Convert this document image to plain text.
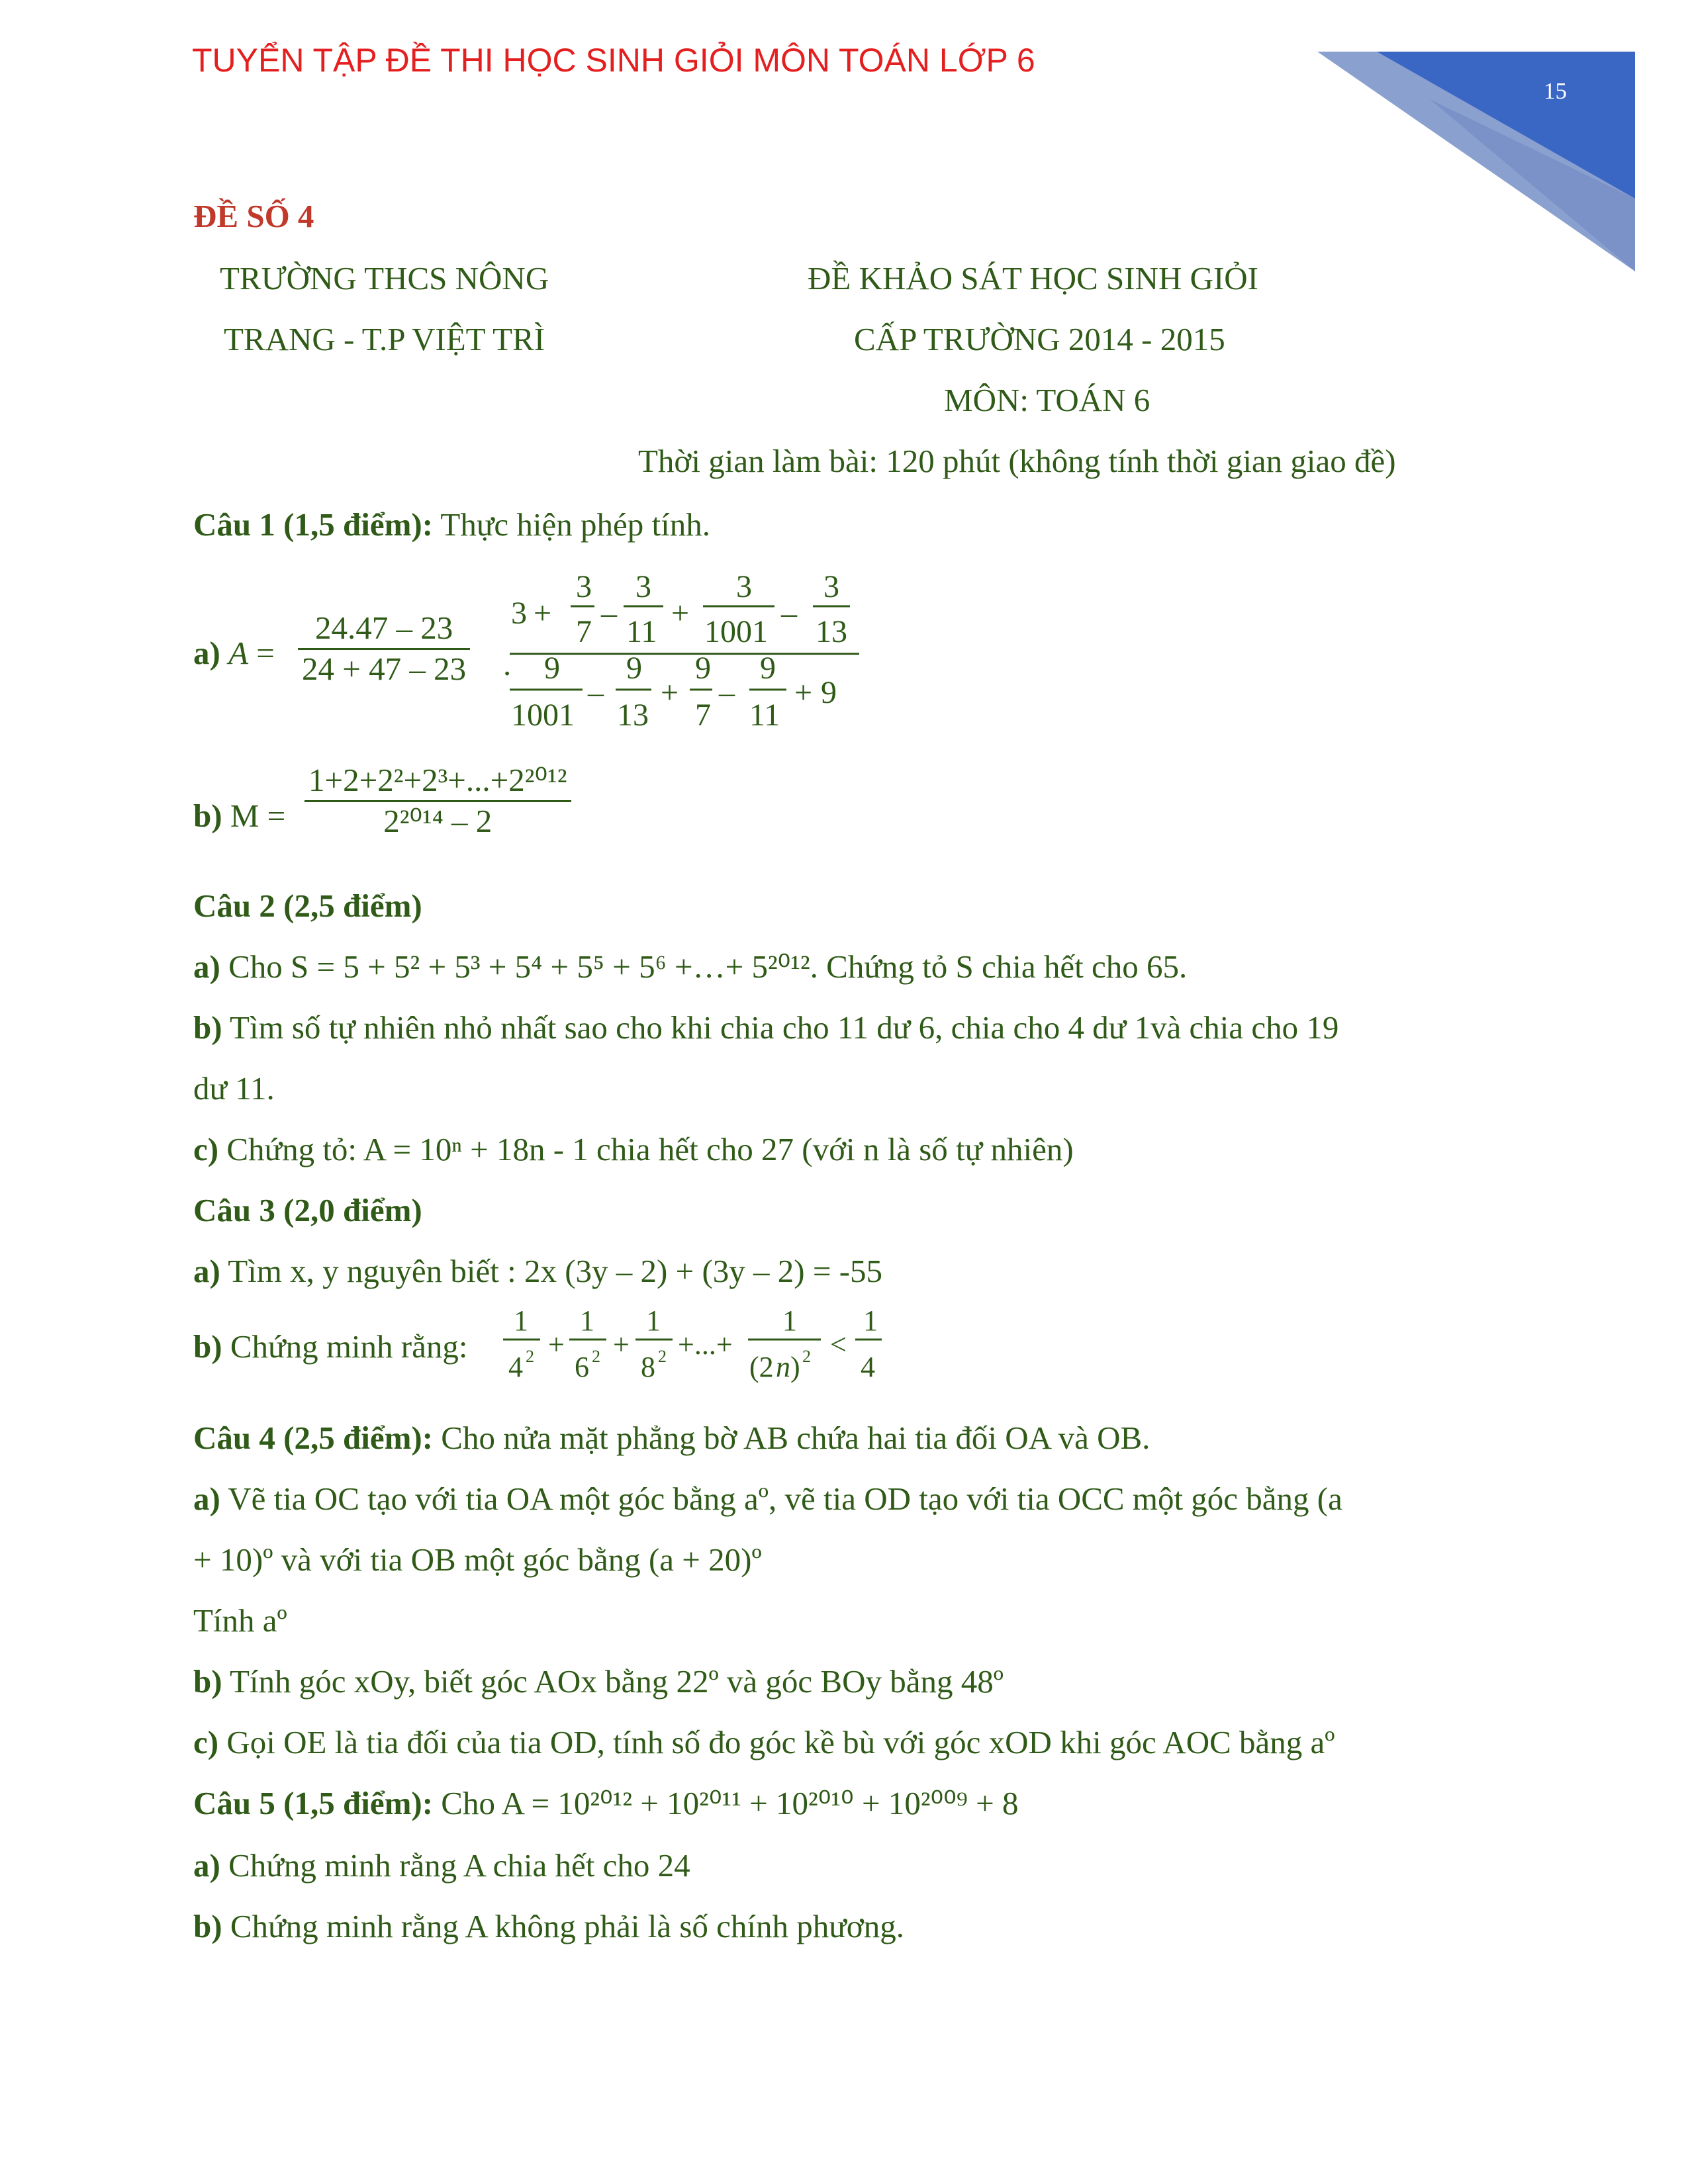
TUYỂN TẬP ĐỀ THI HỌC SINH GIỎI MÔN TOÁN LỚP 6
15
ĐỀ SỐ 4
TRƯỜNG THCS NÔNG
TRANG - T.P VIỆT TRÌ
ĐỀ KHẢO SÁT HỌC SINH GIỎI
CẤP TRƯỜNG 2014 - 2015
MÔN: TOÁN 6
Thời gian làm bài: 120 phút (không tính thời gian giao đề)
Câu 1 (1,5 điểm): Thực hiện phép tính.
a) A =
24.47 – 23
24 + 47 – 23 .
3 +
3
7
–
3
11
+
3
1001
–
3
13
9
1001
–
9
13
+
9
7
–
9
11
+ 9
b) M =
1+2+2²+2³+...+2²⁰¹²
2²⁰¹⁴ – 2
Câu 2 (2,5 điểm)
a) Cho S = 5 + 5² + 5³ + 5⁴ + 5⁵ + 5⁶ +…+ 5²⁰¹². Chứng tỏ S chia hết cho 65.
b) Tìm số tự nhiên nhỏ nhất sao cho khi chia cho 11 dư 6, chia cho 4 dư 1và chia cho 19
dư 11.
c) Chứng tỏ: A = 10ⁿ + 18n - 1 chia hết cho 27 (với n là số tự nhiên)
Câu 3 (2,0 điểm)
a) Tìm x, y nguyên biết : 2x (3y – 2) + (3y – 2) = -55
b) Chứng minh rằng:
1
4 2 +
1
6 2 +
1
8 2 +...+
1
(2 n ) 2 <
1
4
Câu 4 (2,5 điểm): Cho nửa mặt phẳng bờ AB chứa hai tia đối OA và OB.
a) Vẽ tia OC tạo với tia OA một góc bằng aº, vẽ tia OD tạo với tia OCC một góc bằng (a
+ 10)º và với tia OB một góc bằng (a + 20)º
Tính aº
b) Tính góc xOy, biết góc AOx bằng 22º và góc BOy bằng 48º
c) Gọi OE là tia đối của tia OD, tính số đo góc kề bù với góc xOD khi góc AOC bằng aº
Câu 5 (1,5 điểm): Cho A = 10²⁰¹² + 10²⁰¹¹ + 10²⁰¹⁰ + 10²⁰⁰⁹ + 8
a) Chứng minh rằng A chia hết cho 24
b) Chứng minh rằng A không phải là số chính phương.
